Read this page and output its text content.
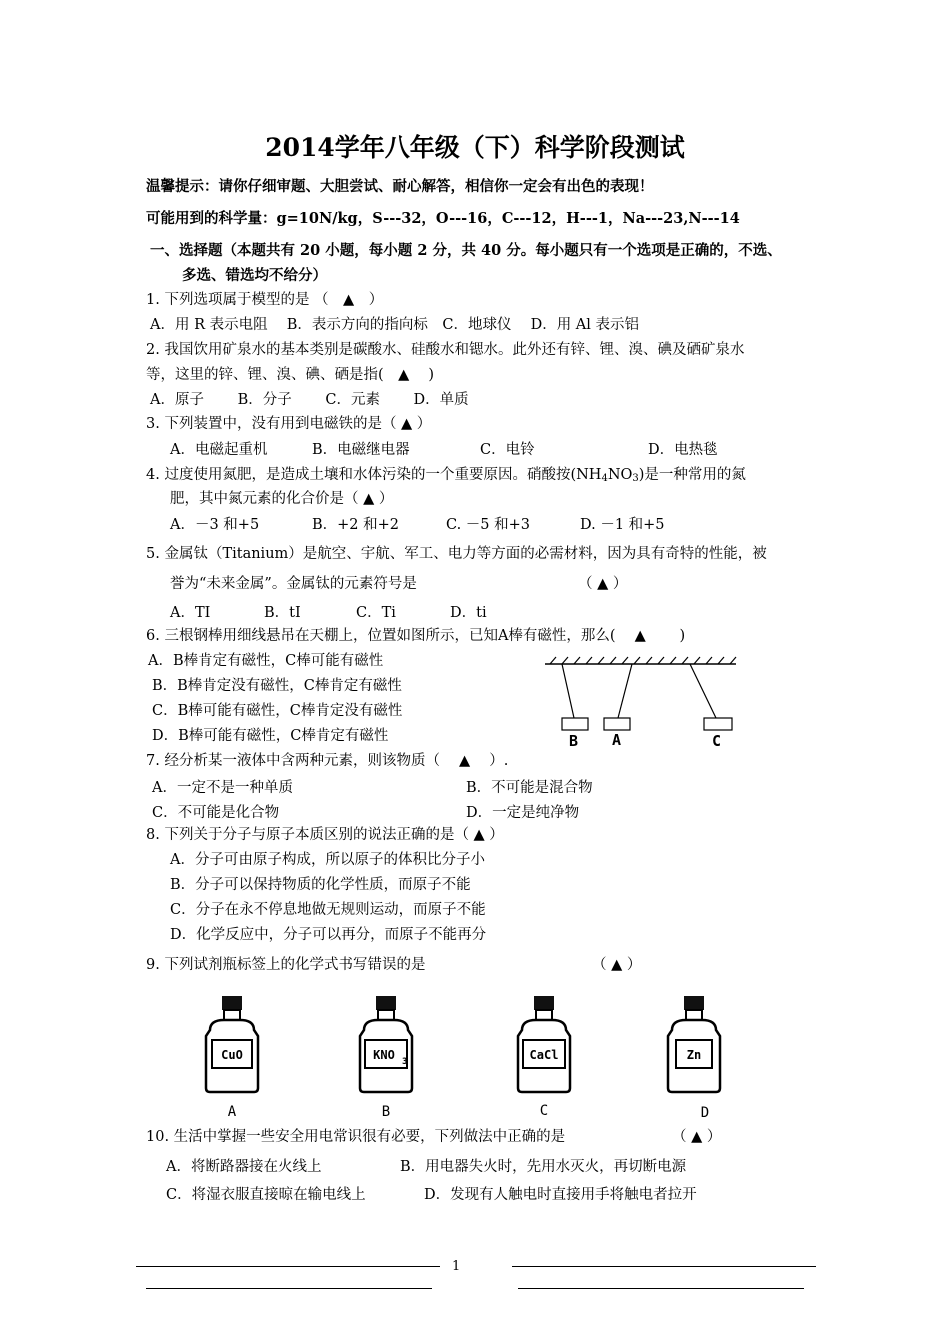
2014学年八年级（下）科学阶段测试
温馨提示：请你仔细审题、大胆尝试、耐心解答，相信你一定会有出色的表现！
可能用到的科学量：g=10N/kg，S---32，O---16，C---12，H---1，Na---23,N---14
一、选择题（本题共有 20 小题，每小题 2 分，共 40 分。每小题只有一个选项是正确的，不选、
多选、错选均不给分）
1. 下列选项属于模型的是 （　▲　）
A．用 R 表示电阻　 B．表示方向的指向标　C．地球仪　 D．用 Al 表示铝
2. 我国饮用矿泉水的基本类别是碳酸水、硅酸水和锶水。此外还有锌、锂、溴、碘及硒矿泉水
等，这里的锌、锂、溴、碘、硒是指(　▲　 )
A．原子　　 B．分子　　 C．元素　　 D．单质
3. 下列装置中，没有用到电磁铁的是（ ▲ ）
A．电磁起重机	B．电磁继电器	C．电铃	D．电热毯
4. 过度使用氮肥，是造成土壤和水体污染的一个重要原因。硝酸按$(NH_4NO_3)$是一种常用的氮
肥，其中氮元素的化合价是（ ▲ ）
A．－3 和+5	B．+2 和+2	C. －5 和+3	D. －1 和+5
5. 金属钛（Titanium）是航空、宇航、军工、电力等方面的必需材料，因为具有奇特的性能，被
誉为“未来金属”。金属钛的元素符号是	（ ▲ ）
A．TI	B．tI	C．Ti	D．ti
6. 三根钢棒用细线悬吊在天棚上，位置如图所示，已知A棒有磁性，那么(　 ▲ 　　)
A．B棒肯定有磁性，C棒可能有磁性
B．B棒肯定没有磁性，C棒肯定有磁性
C．B棒可能有磁性，C棒肯定没有磁性
D．B棒可能有磁性，C棒肯定有磁性	B A	C
7. 经分析某一液体中含两种元素，则该物质（　 ▲ 　）.
A．一定不是一种单质	B．不可能是混合物
C．不可能是化合物	D．一定是纯净物
8. 下列关于分子与原子本质区别的说法正确的是（ ▲ ）
A．分子可由原子构成，所以原子的体积比分子小
B．分子可以保持物质的化学性质，而原子不能
C．分子在永不停息地做无规则运动，而原子不能
D．化学反应中，分子可以再分，而原子不能再分
9. 下列试剂瓶标签上的化学式书写错误的是	（ ▲ ）
CuO
A
KNO 3
B
CaCl
C
Zn
D
10. 生活中掌握一些安全用电常识很有必要，下列做法中正确的是	（ ▲ ）
A．将断路器接在火线上	B．用电器失火时，先用水灭火，再切断电源
C．将湿衣服直接晾在输电线上	D．发现有人触电时直接用手将触电者拉开
1
